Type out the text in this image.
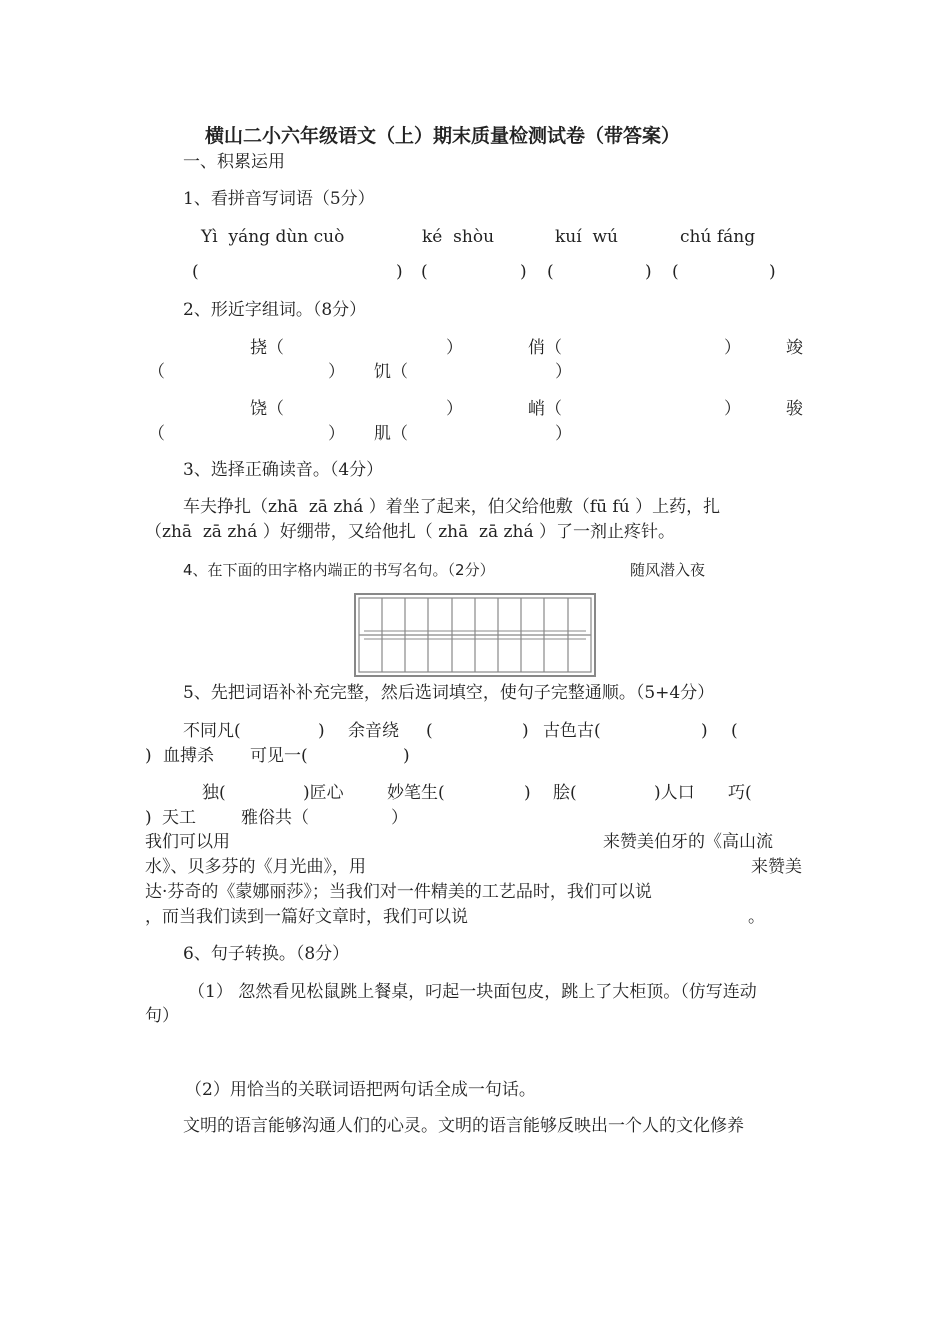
横山二小六年级语文（上）期末质量检测试卷（带答案）
一、积累运用
1、看拼音写词语（5分）
Yì  yáng dùn cuò	ké  shòu	kuí  wú	chú fáng
(	) (	) (	) (	)
2、形近字组词。（8分）
挠（	）	俏（	）	竣
（	） 饥（	）
饶（	）	峭（	）	骏
（	） 肌（	）
3、选择正确读音。（4分）
车夫挣扎（zhā  zā zhá ）着坐了起来，伯父给他敷（fū fú ）上药，扎
（zhā  zā zhá ）好绷带，又给他扎（ zhā  zā zhá ）了一剂止疼针。
4、在下面的田字格内端正的书写名句。（2分）	随风潜入夜
5、先把词语补补充完整，然后选词填空，使句子完整通顺。（5+4分）
不同凡(	) 余音绕 (	) 古色古(	) (
) 血搏杀 可见一(	)
独(	)匠心	妙笔生(	) 脍(	)人口 巧(
) 天工	雅俗共（	）
我们可以用	来赞美伯牙的《高山流
水》、贝多芬的《月光曲》，用	来赞美
达·芬奇的《蒙娜丽莎》；当我们对一件精美的工艺品时，我们可以说
，而当我们读到一篇好文章时，我们可以说	。
6、句子转换。（8分）
（1） 忽然看见松鼠跳上餐桌，叼起一块面包皮，跳上了大柜顶。（仿写连动
句）
（2）用恰当的关联词语把两句话全成一句话。
文明的语言能够沟通人们的心灵。文明的语言能够反映出一个人的文化修养
